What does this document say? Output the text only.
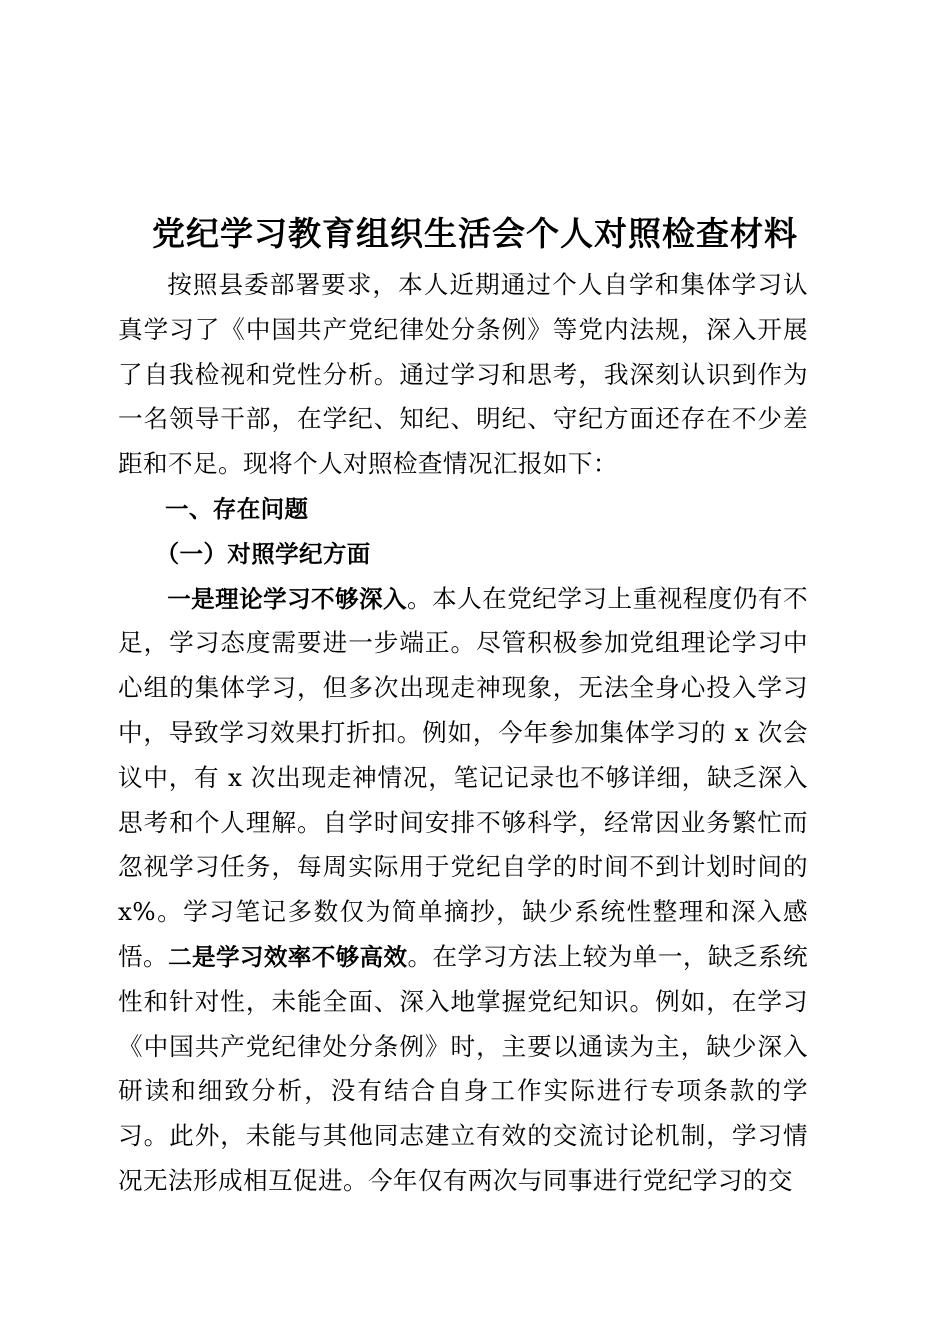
党纪学习教育组织生活会个人对照检查材料

按照县委部署要求，本人近期通过个人自学和集体学习认真学习了《中国共产党纪律处分条例》等党内法规，深入开展了自我检视和党性分析。通过学习和思考，我深刻认识到作为一名领导干部，在学纪、知纪、明纪、守纪方面还存在不少差距和不足。现将个人对照检查情况汇报如下：

一、存在问题

（一）对照学纪方面

一是理论学习不够深入。本人在党纪学习上重视程度仍有不足，学习态度需要进一步端正。尽管积极参加党组理论学习中心组的集体学习，但多次出现走神现象，无法全身心投入学习中，导致学习效果打折扣。例如，今年参加集体学习的 x 次会议中，有 x 次出现走神情况，笔记记录也不够详细，缺乏深入思考和个人理解。自学时间安排不够科学，经常因业务繁忙而忽视学习任务，每周实际用于党纪自学的时间不到计划时间的 x%。学习笔记多数仅为简单摘抄，缺少系统性整理和深入感悟。二是学习效率不够高效。在学习方法上较为单一，缺乏系统性和针对性，未能全面、深入地掌握党纪知识。例如，在学习《中国共产党纪律处分条例》时，主要以通读为主，缺少深入研读和细致分析，没有结合自身工作实际进行专项条款的学习。此外，未能与其他同志建立有效的交流讨论机制，学习情况无法形成相互促进。今年仅有两次与同事进行党纪学习的交
